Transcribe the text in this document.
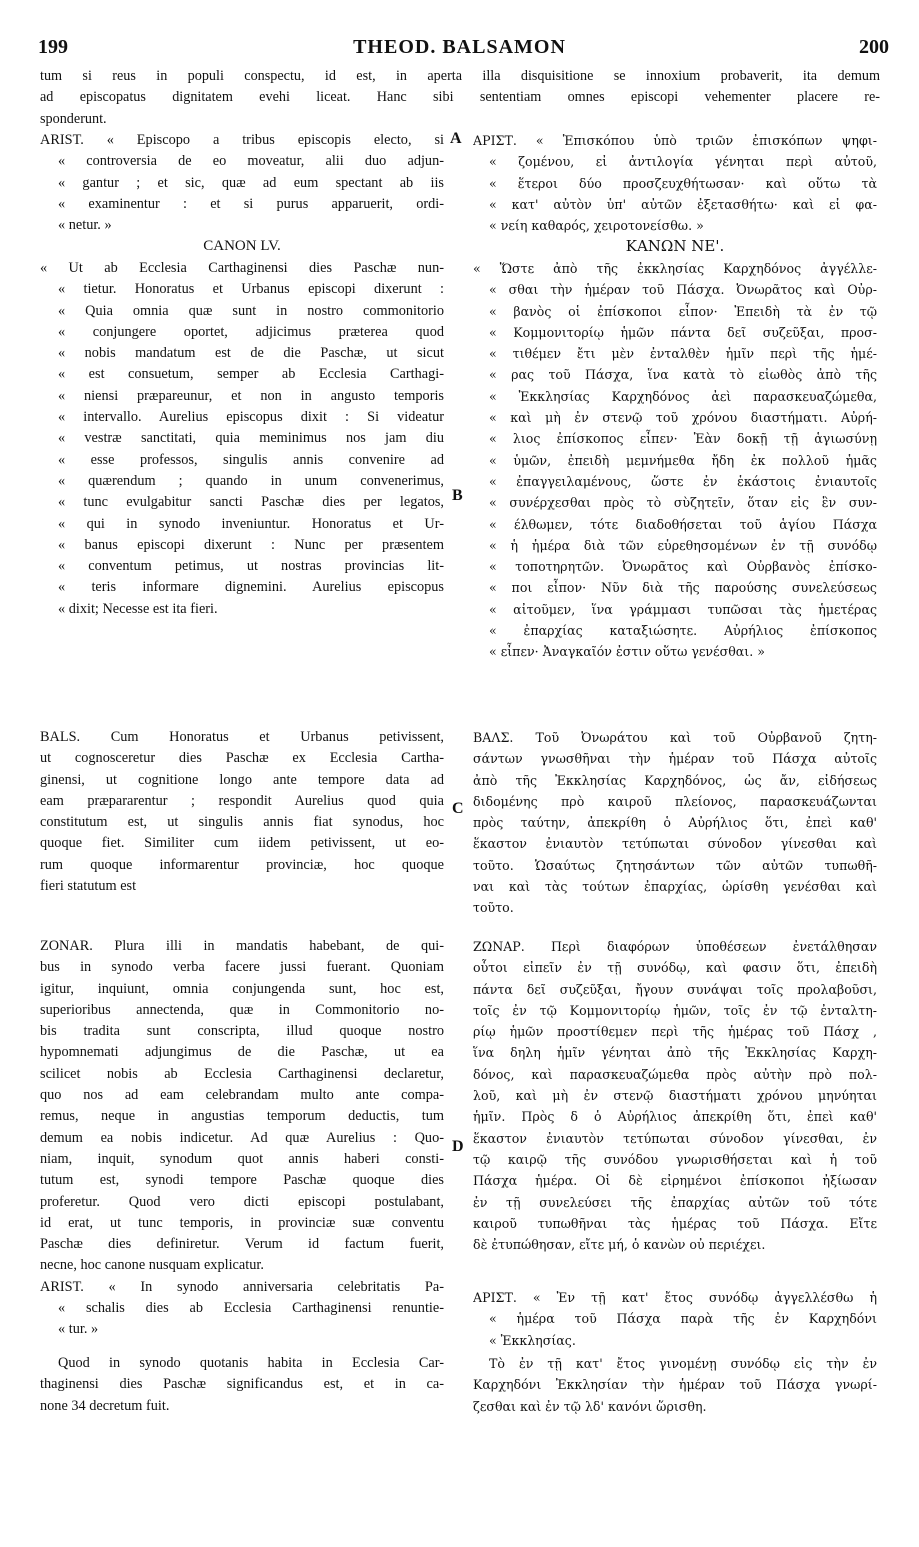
199	THEOD. BALSAMON	200
tum si reus in populi conspectu, id est, in aperta illa disquisitione se innoxium probaverit, ita demum
ad episcopatus dignitatem evehi liceat. Hanc sibi sententiam omnes episcopi vehementer placere re-
sponderunt.
A
B
C
D
ARIST. « Episcopo a tribus episcopis electo, si
« controversia de eo moveatur, alii duo adjun-
« gantur ; et sic, quæ ad eum spectant ab iis
« examinentur : et si purus apparuerit, ordi-
« netur. »
CANON LV.
« Ut ab Ecclesia Carthaginensi dies Paschæ nun-
« tietur. Honoratus et Urbanus episcopi dixerunt :
« Quia omnia quæ sunt in nostro commonitorio
« conjungere oportet, adjicimus præterea quod
« nobis mandatum est de die Paschæ, ut sicut
« est consuetum, semper ab Ecclesia Carthagi-
« niensi præpareunur, et non in angusto temporis
« intervallo. Aurelius episcopus dixit : Si videatur
« vestræ sanctitati, quia meminimus nos jam diu
« esse professos, singulis annis convenire ad
« quærendum ; quando in unum convenerimus,
« tunc evulgabitur sancti Paschæ dies per legatos,
« qui in synodo inveniuntur. Honoratus et Ur-
« banus episcopi dixerunt : Nunc per præsentem
« conventum petimus, ut nostras provincias lit-
« teris informare dignemini. Aurelius episcopus
« dixit; Necesse est ita fieri.
BALS. Cum Honoratus et Urbanus petivissent,
ut cognosceretur dies Paschæ ex Ecclesia Cartha-
ginensi, ut cognitione longo ante tempore data ad
eam præpararentur ; respondit Aurelius quod quia
constitutum est, ut singulis annis fiat synodus, hoc
quoque fiet. Similiter cum iidem petivissent, ut eo-
rum quoque informarentur provinciæ, hoc quoque
fieri statutum est
ZONAR. Plura illi in mandatis habebant, de qui-
bus in synodo verba facere jussi fuerant. Quoniam
igitur, inquiunt, omnia conjungenda sunt, hoc est,
superioribus annectenda, quæ in Commonitorio no-
bis tradita sunt conscripta, illud quoque nostro
hypomnemati adjungimus de die Paschæ, ut ea
scilicet nobis ab Ecclesia Carthaginensi declaretur,
quo nos ad eam celebrandam multo ante compa-
remus, neque in angustias temporum deductis, tum
demum ea nobis indicetur. Ad quæ Aurelius : Quo-
niam, inquit, synodum quot annis haberi consti-
tutum est, synodi tempore Paschæ quoque dies
proferetur. Quod vero dicti episcopi postulabant,
id erat, ut tunc temporis, in provinciæ suæ conventu
Paschæ dies definiretur. Verum id factum fuerit,
necne, hoc canone nusquam explicatur.
ARIST. « In synodo anniversaria celebritatis Pa-
« schalis dies ab Ecclesia Carthaginensi renuntie-
« tur. »
Quod in synodo quotanis habita in Ecclesia Car-
thaginensi dies Paschæ significandus est, et in ca-
none 34 decretum fuit.
ΑΡΙΣΤ. « Ἐπισκόπου ὑπὸ τριῶν ἐπισκόπων ψηφι-
« ζομένου, εἰ ἀντιλογία γένηται περὶ αὐτοῦ,
« ἕτεροι δύο προσζευχθήτωσαν· καὶ οὕτω τὰ
« κατ' αὐτὸν ὑπ' αὐτῶν ἐξετασθήτω· καὶ εἰ φα-
« νείη καθαρός, χειροτονείσθω. »
ΚΑΝΩΝ ΝΕ'.
« Ὥστε ἀπὸ τῆς ἐκκλησίας Καρχηδόνος ἀγγέλλε-
« σθαι τὴν ἡμέραν τοῦ Πάσχα. Ὀνωρᾶτος καὶ Οὐρ-
« βανὸς οἱ ἐπίσκοποι εἶπον· Ἐπειδὴ τὰ ἐν τῷ
« Κομμονιτορίῳ ἡμῶν πάντα δεῖ συζεῦξαι, προσ-
« τιθέμεν ἔτι μὲν ἐνταλθὲν ἡμῖν περὶ τῆς ἡμέ-
« ρας τοῦ Πάσχα, ἵνα κατὰ τὸ εἰωθὸς ἀπὸ τῆς
« Ἐκκλησίας Καρχηδόνος ἀεὶ παρασκευαζώμεθα,
« καὶ μὴ ἐν στενῷ τοῦ χρόνου διαστήματι. Αὐρή-
« λιος ἐπίσκοπος εἶπεν· Ἐὰν δοκῇ τῇ ἁγιωσύνῃ
« ὑμῶν, ἐπειδὴ μεμνήμεθα ἤδη ἐκ πολλοῦ ἡμᾶς
« ἐπαγγειλαμένους, ὥστε ἐν ἑκάστοις ἐνιαυτοῖς
« συνέρχεσθαι πρὸς τὸ σὺζητεῖν, ὅταν εἰς ἓν συν-
« έλθωμεν, τότε διαδοθήσεται τοῦ ἁγίου Πάσχα
« ἡ ἡμέρα διὰ τῶν εὑρεθησομένων ἐν τῇ συνόδῳ
« τοποτηρητῶν. Ὀνωρᾶτος καὶ Οὐρβανὸς ἐπίσκο-
« ποι εἶπον· Νῦν διὰ τῆς παρούσης συνελεύσεως
« αἰτοῦμεν, ἵνα γράμμασι τυπῶσαι τὰς ἡμετέρας
« ἐπαρχίας καταξιώσητε. Αὐρήλιος ἐπίσκοπος
« εἶπεν· Ἀναγκαῖόν ἐστιν οὕτω γενέσθαι. »
ΒΑΛΣ. Τοῦ Ὀνωράτου καὶ τοῦ Οὐρβανοῦ ζητη-
σάντων γνωσθῆναι τὴν ἡμέραν τοῦ Πάσχα αὐτοῖς
ἀπὸ τῆς Ἐκκλησίας Καρχηδόνος, ὡς ἄν, εἰδήσεως
διδομένης πρὸ καιροῦ πλείονος, παρασκευάζωνται
πρὸς ταύτην, ἀπεκρίθη ὁ Αὐρήλιος ὅτι, ἐπεὶ καθ'
ἕκαστον ἐνιαυτὸν τετύπωται σύνοδον γίνεσθαι καὶ
τοῦτο. Ὡσαύτως ζητησάντων τῶν αὐτῶν τυπωθῆ-
ναι καὶ τὰς τούτων ἐπαρχίας, ὡρίσθη γενέσθαι καὶ
τοῦτο.
ΖΩΝΑΡ. Περὶ διαφόρων ὑποθέσεων ἐνετάλθησαν
οὗτοι εἰπεῖν ἐν τῇ συνόδῳ, καὶ φασιν ὅτι, ἐπειδὴ
πάντα δεῖ συζεῦξαι, ἤγουν συνάψαι τοῖς προλαβοῦσι,
τοῖς ἐν τῷ Κομμονιτορίῳ ἡμῶν, τοῖς ἐν τῷ ἐνταλτη-
ρίῳ ἡμῶν προστίθεμεν περὶ τῆς ἡμέρας τοῦ Πάσχ ,
ἵνα δηλη ἡμῖν γένηται ἀπὸ τῆς Ἐκκλησίας Καρχη-
δόνος, καὶ παρασκευαζώμεθα πρὸς αὐτὴν πρὸ πολ-
λοῦ, καὶ μὴ ἐν στενῷ διαστήματι χρόνου μηνύηται
ἡμῖν. Πρὸς δ ὁ Αὐρήλιος ἀπεκρίθη ὅτι, ἐπεὶ καθ'
ἕκαστον ἐνιαυτὸν τετύπωται σύνοδον γίνεσθαι, ἐν
τῷ καιρῷ τῆς συνόδου γνωρισθήσεται καὶ ἡ τοῦ
Πάσχα ἡμέρα. Οἱ δὲ εἰρημένοι ἐπίσκοποι ἠξίωσαν
ἐν τῇ συνελεύσει τῆς ἐπαρχίας αὐτῶν τοῦ τότε
καιροῦ τυπωθῆναι τὰς ἡμέρας τοῦ Πάσχα. Εἴτε
δὲ ἐτυπώθησαν, εἴτε μή, ὁ κανὼν οὐ περιέχει.
ΑΡΙΣΤ. « Ἐν τῇ κατ' ἔτος συνόδῳ ἀγγελλέσθω ἡ
« ἡμέρα τοῦ Πάσχα παρὰ τῆς ἐν Καρχηδόνι
« Ἐκκλησίας.
Τὸ ἐν τῇ κατ' ἔτος γινομένῃ συνόδῳ εἰς τὴν ἐν
Καρχηδόνι Ἐκκλησίαν τὴν ἡμέραν τοῦ Πάσχα γνωρί-
ζεσθαι καὶ ἐν τῷ λδ' κανόνι ὥρισθη.
